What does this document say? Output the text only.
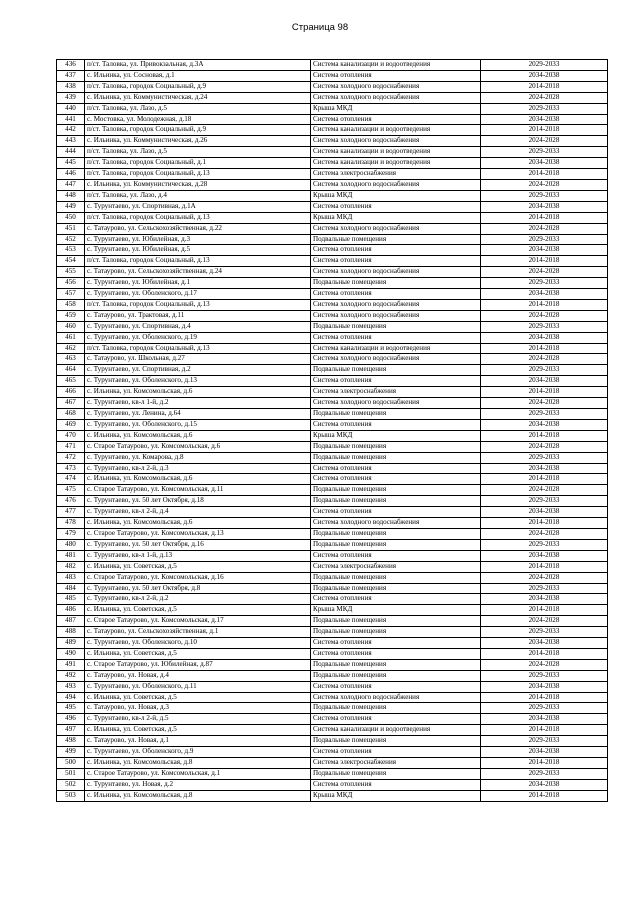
Страница 98
436	п/ст. Таловка, ул. Привокзальная, д.3А	Система канализации и водоотведения	2029-2033
437	с. Ильинка, ул. Сосновая, д.1	Система отопления	2034-2038
438	п/ст. Таловка, городок Социальный, д.9	Система холодного водоснабжения	2014-2018
439	с. Ильинка, ул. Коммунистическая, д.24	Система холодного водоснабжения	2024-2028
440	п/ст. Таловка, ул. Лазо, д.5	Крыша МКД	2029-2033
441	с. Мостовка, ул. Молодежная, д.18	Система отопления	2034-2038
442	п/ст. Таловка, городок Социальный, д.9	Система канализации и водоотведения	2014-2018
443	с. Ильинка, ул. Коммунистическая, д.26	Система холодного водоснабжения	2024-2028
444	п/ст. Таловка, ул. Лазо, д.5	Система канализации и водоотведения	2029-2033
445	п/ст. Таловка, городок Социальный, д.1	Система канализации и водоотведения	2034-2038
446	п/ст. Таловка, городок Социальный, д.13	Система электроснабжения	2014-2018
447	с. Ильинка, ул. Коммунистическая, д.28	Система холодного водоснабжения	2024-2028
448	п/ст. Таловка, ул. Лазо, д.4	Крыша МКД	2029-2033
449	с. Турунтаево, ул. Спортивная, д.1А	Система отопления	2034-2038
450	п/ст. Таловка, городок Социальный, д.13	Крыша МКД	2014-2018
451	с. Татаурово, ул. Сельскохозяйственная, д.22	Система холодного водоснабжения	2024-2028
452	с. Турунтаево, ул. Юбилейная, д.3	Подвальные помещения	2029-2033
453	с. Турунтаево, ул. Юбилейная, д.5	Система отопления	2034-2038
454	п/ст. Таловка, городок Социальный, д.13	Система отопления	2014-2018
455	с. Татаурово, ул. Сельскохозяйственная, д.24	Система холодного водоснабжения	2024-2028
456	с. Турунтаево, ул. Юбилейная, д.1	Подвальные помещения	2029-2033
457	с. Турунтаево, ул. Оболенского, д.17	Система отопления	2034-2038
458	п/ст. Таловка, городок Социальный, д.13	Система холодного водоснабжения	2014-2018
459	с. Татаурово, ул. Трактовая, д.11	Система холодного водоснабжения	2024-2028
460	с. Турунтаево, ул. Спортивная, д.4	Подвальные помещения	2029-2033
461	с. Турунтаево, ул. Оболенского, д.19	Система отопления	2034-2038
462	п/ст. Таловка, городок Социальный, д.13	Система канализации и водоотведения	2014-2018
463	с. Татаурово, ул. Школьная, д.27	Система холодного водоснабжения	2024-2028
464	с. Турунтаево, ул. Спортивная, д.2	Подвальные помещения	2029-2033
465	с. Турунтаево, ул. Оболенского, д.13	Система отопления	2034-2038
466	с. Ильинка, ул. Комсомольская, д.6	Система электроснабжения	2014-2018
467	с. Турунтаево, кв-л 1-й, д.2	Система холодного водоснабжения	2024-2028
468	с. Турунтаево, ул. Ленина, д.64	Подвальные помещения	2029-2033
469	с. Турунтаево, ул. Оболенского, д.15	Система отопления	2034-2038
470	с. Ильинка, ул. Комсомольская, д.6	Крыша МКД	2014-2018
471	с. Старое Татаурово, ул. Комсомольская, д.6	Подвальные помещения	2024-2028
472	с. Турунтаево, ул. Комарова, д.8	Подвальные помещения	2029-2033
473	с. Турунтаево, кв-л 2-й, д.3	Система отопления	2034-2038
474	с. Ильинка, ул. Комсомольская, д.6	Система отопления	2014-2018
475	с. Старое Татаурово, ул. Комсомольская, д.11	Подвальные помещения	2024-2028
476	с. Турунтаево, ул. 50 лет Октября, д.18	Подвальные помещения	2029-2033
477	с. Турунтаево, кв-л 2-й, д.4	Система отопления	2034-2038
478	с. Ильинка, ул. Комсомольская, д.6	Система холодного водоснабжения	2014-2018
479	с. Старое Татаурово, ул. Комсомольская, д.13	Подвальные помещения	2024-2028
480	с. Турунтаево, ул. 50 лет Октября, д.16	Подвальные помещения	2029-2033
481	с. Турунтаево, кв-л 1-й, д.13	Система отопления	2034-2038
482	с. Ильинка, ул. Советская, д.5	Система электроснабжения	2014-2018
483	с. Старое Татаурово, ул. Комсомольская, д.16	Подвальные помещения	2024-2028
484	с. Турунтаево, ул. 50 лет Октября, д.8	Подвальные помещения	2029-2033
485	с. Турунтаево, кв-л 2-й, д.2	Система отопления	2034-2038
486	с. Ильинка, ул. Советская, д.5	Крыша МКД	2014-2018
487	с. Старое Татаурово, ул. Комсомольская, д.17	Подвальные помещения	2024-2028
488	с. Татаурово, ул. Сельскохозяйственная, д.1	Подвальные помещения	2029-2033
489	с. Турунтаево, ул. Оболенского, д.10	Система отопления	2034-2038
490	с. Ильинка, ул. Советская, д.5	Система отопления	2014-2018
491	с. Старое Татаурово, ул. Юбилейная, д.87	Подвальные помещения	2024-2028
492	с. Татаурово, ул. Новая, д.4	Подвальные помещения	2029-2033
493	с. Турунтаево, ул. Оболенского, д.11	Система отопления	2034-2038
494	с. Ильинка, ул. Советская, д.5	Система холодного водоснабжения	2014-2018
495	с. Татаурово, ул. Новая, д.3	Подвальные помещения	2029-2033
496	с. Турунтаево, кв-л 2-й, д.5	Система отопления	2034-2038
497	с. Ильинка, ул. Советская, д.5	Система канализации и водоотведения	2014-2018
498	с. Татаурово, ул. Новая, д.1	Подвальные помещения	2029-2033
499	с. Турунтаево, ул. Оболенского, д.9	Система отопления	2034-2038
500	с. Ильинка, ул. Комсомольская, д.8	Система электроснабжения	2014-2018
501	с. Старое Татаурово, ул. Комсомольская, д.1	Подвальные помещения	2029-2033
502	с. Турунтаево, ул. Новая, д.2	Система отопления	2034-2038
503	с. Ильинка, ул. Комсомольская, д.8	Крыша МКД	2014-2018
